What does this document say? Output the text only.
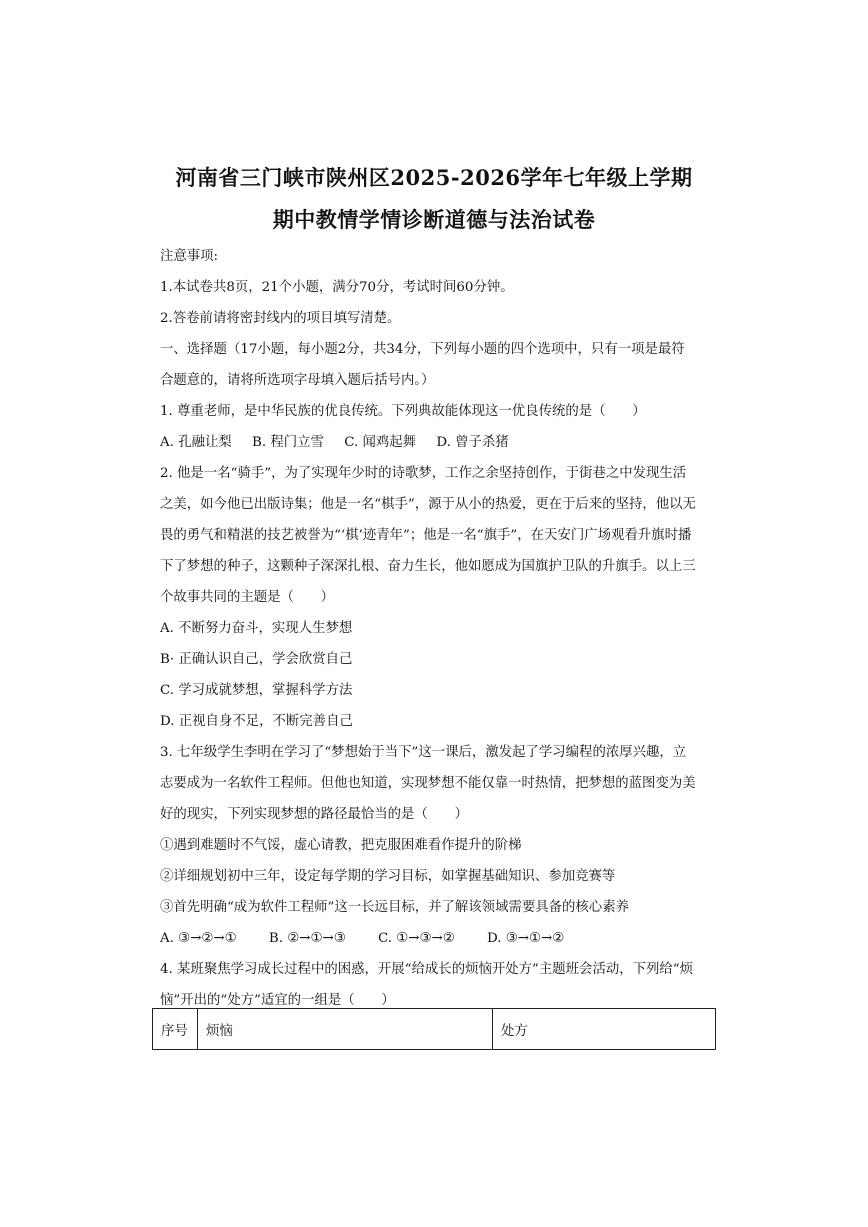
河南省三门峡市陕州区2025-2026学年七年级上学期
期中教情学情诊断道德与法治试卷
注意事项:
1.本试卷共8页，21个小题，满分70分，考试时间60分钟。
2.答卷前请将密封线内的项目填写清楚。
一、选择题（17小题，每小题2分，共34分，下列每小题的四个选项中，只有一项是最符
合题意的，请将所选项字母填入题后括号内。）
1. 尊重老师，是中华民族的优良传统。下列典故能体现这一优良传统的是（　　）
A. 孔融让梨 B. 程门立雪 C. 闻鸡起舞 D. 曾子杀猪
2. 他是一名“骑手”，为了实现年少时的诗歌梦，工作之余坚持创作，于街巷之中发现生活
之美，如今他已出版诗集；他是一名“棋手”，源于从小的热爱，更在于后来的坚持，他以无
畏的勇气和精湛的技艺被誉为“‘棋’迹青年”；他是一名“旗手”，在天安门广场观看升旗时播
下了梦想的种子，这颗种子深深扎根、奋力生长，他如愿成为国旗护卫队的升旗手。以上三
个故事共同的主题是（　　）
A. 不断努力奋斗，实现人生梦想
B· 正确认识自己，学会欣赏自己
C. 学习成就梦想，掌握科学方法
D. 正视自身不足，不断完善自己
3. 七年级学生李明在学习了“梦想始于当下”这一课后，激发起了学习编程的浓厚兴趣，立
志要成为一名软件工程师。但他也知道，实现梦想不能仅靠一时热情，把梦想的蓝图变为美
好的现实，下列实现梦想的路径最恰当的是（　　）
①遇到难题时不气馁，虚心请教，把克服困难看作提升的阶梯
②详细规划初中三年，设定每学期的学习目标，如掌握基础知识、参加竞赛等
③首先明确“成为软件工程师”这一长远目标，并了解该领域需要具备的核心素养
A. ③→②→① B. ②→①→③ C. ①→③→② D. ③→①→②
4. 某班聚焦学习成长过程中的困惑，开展“给成长的烦恼开处方”主题班会活动，下列给“烦
恼”开出的“处方”适宜的一组是（　　）
序号	烦恼	处方
